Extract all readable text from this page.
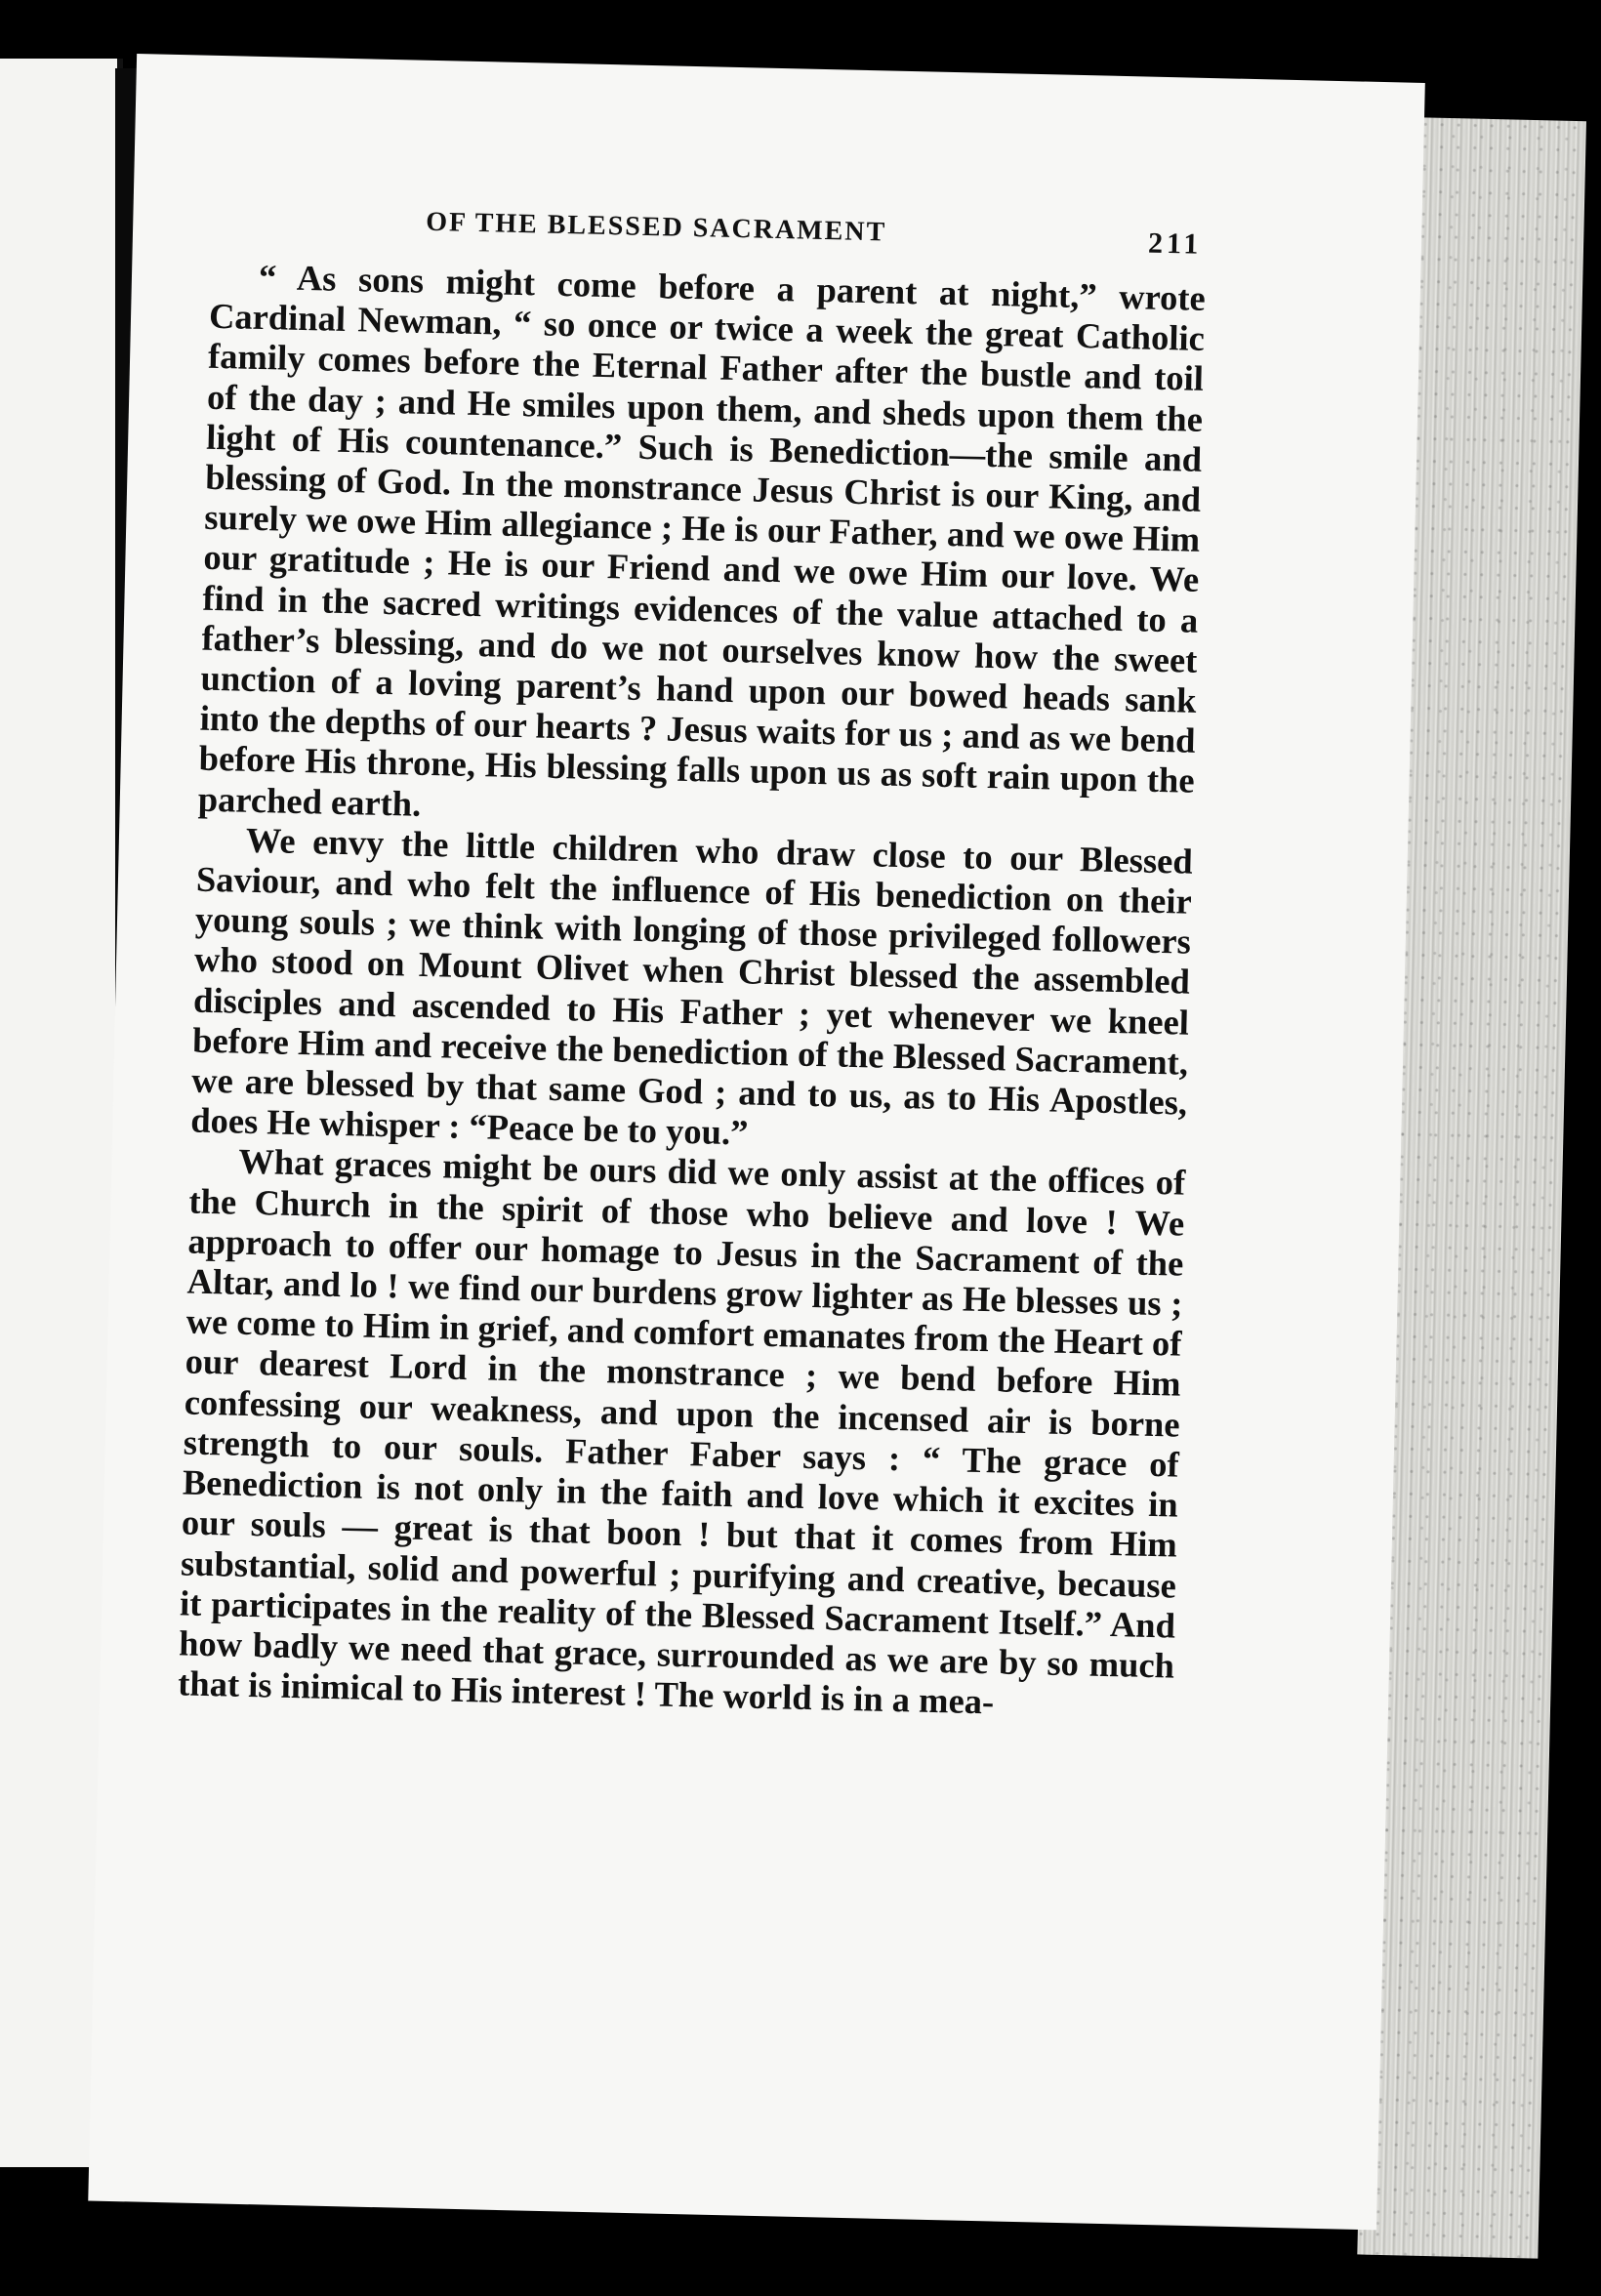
OF THE BLESSED SACRAMENT	211

“ As sons might come before a parent at night,” wrote Cardinal Newman, “ so once or twice a week the great Catholic family comes before the Eternal Father after the bustle and toil of the day ; and He smiles upon them, and sheds upon them the light of His countenance.” Such is Benediction—the smile and blessing of God. In the monstrance Jesus Christ is our King, and surely we owe Him allegiance ; He is our Father, and we owe Him our gratitude ; He is our Friend and we owe Him our love. We find in the sacred writings evidences of the value attached to a father’s blessing, and do we not ourselves know how the sweet unction of a loving parent’s hand upon our bowed heads sank into the depths of our hearts ? Jesus waits for us ; and as we bend before His throne, His blessing falls upon us as soft rain upon the parched earth.

We envy the little children who draw close to our Blessed Saviour, and who felt the influence of His benediction on their young souls ; we think with longing of those privileged followers who stood on Mount Olivet when Christ blessed the assembled disciples and ascended to His Father ; yet whenever we kneel before Him and receive the benediction of the Blessed Sacrament, we are blessed by that same God ; and to us, as to His Apostles, does He whisper : “Peace be to you.”

What graces might be ours did we only assist at the offices of the Church in the spirit of those who believe and love ! We approach to offer our homage to Jesus in the Sacrament of the Altar, and lo ! we find our burdens grow lighter as He blesses us ; we come to Him in grief, and comfort emanates from the Heart of our dearest Lord in the monstrance ; we bend before Him confessing our weakness, and upon the incensed air is borne strength to our souls. Father Faber says : “ The grace of Benediction is not only in the faith and love which it excites in our souls — great is that boon ! but that it comes from Him substantial, solid and powerful ; purifying and creative, because it participates in the reality of the Blessed Sacrament Itself.” And how badly we need that grace, surrounded as we are by so much that is inimical to His interest ! The world is in a mea-
